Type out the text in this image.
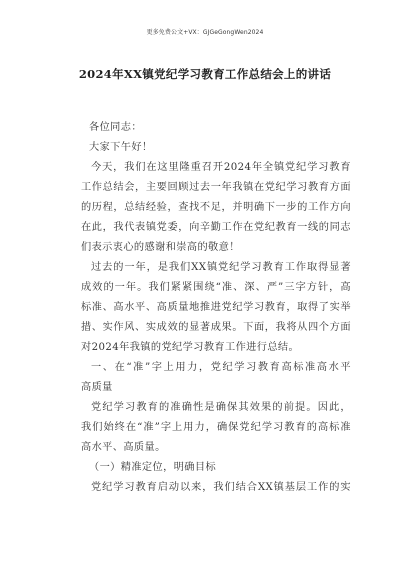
更多免费公文+VX：GJGeGongWen2024
2024年XX镇党纪学习教育工作总结会上的讲话
各位同志：
大家下午好！
今天，我们在这里隆重召开2024年全镇党纪学习教育
工作总结会，主要回顾过去一年我镇在党纪学习教育方面
的历程，总结经验，查找不足，并明确下一步的工作方向
在此，我代表镇党委，向辛勤工作在党纪教育一线的同志
们表示衷心的感谢和崇高的敬意！
过去的一年，是我们XX镇党纪学习教育工作取得显著
成效的一年。我们紧紧围绕“准、深、严”三字方针，高
标准、高水平、高质量地推进党纪学习教育，取得了实举
措、实作风、实成效的显著成果。下面，我将从四个方面
对2024年我镇的党纪学习教育工作进行总结。
一、在“准”字上用力，党纪学习教育高标准高水平
高质量
党纪学习教育的准确性是确保其效果的前提。因此，
我们始终在“准”字上用力，确保党纪学习教育的高标准
高水平、高质量。
（一）精准定位，明确目标
党纪学习教育启动以来，我们结合XX镇基层工作的实
